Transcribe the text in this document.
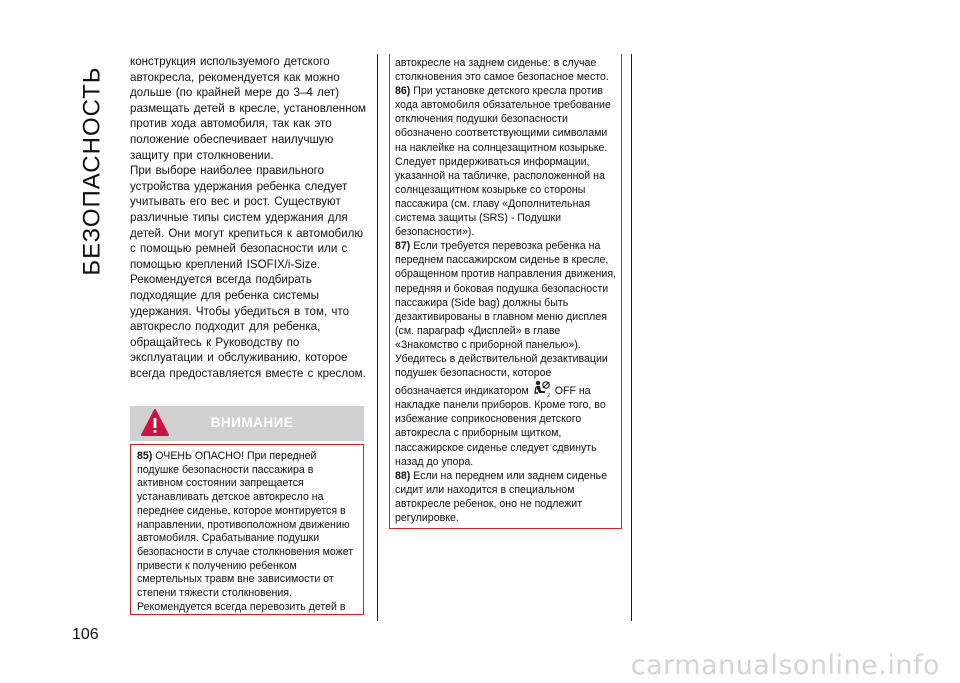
БЕЗОПАСНОСТЬ
106

конструкция используемого детского автокресла, рекомендуется как можно дольше (по крайней мере до 3–4 лет) размещать детей в кресле, установленном против хода автомобиля, так как это положение обеспечивает наилучшую защиту при столкновении.

При выборе наиболее правильного устройства удержания ребенка следует учитывать его вес и рост. Существуют различные типы систем удержания для детей. Они могут крепиться к автомобилю с помощью ремней безопасности или с помощью креплений ISOFIX/i-Size.

Рекомендуется всегда подбирать подходящие для ребенка системы удержания. Чтобы убедиться в том, что автокресло подходит для ребенка, обращайтесь к Руководству по эксплуатации и обслуживанию, которое всегда предоставляется вместе с креслом.

ВНИМАНИЕ

85) ОЧЕНЬ ОПАСНО! При передней подушке безопасности пассажира в активном состоянии запрещается устанавливать детское автокресло на переднее сиденье, которое монтируется в направлении, противоположном движению автомобиля. Срабатывание подушки безопасности в случае столкновения может привести к получению ребенком смертельных травм вне зависимости от степени тяжести столкновения. Рекомендуется всегда перевозить детей в

автокресле на заднем сиденье: в случае столкновения это самое безопасное место.

86) При установке детского кресла против хода автомобиля обязательное требование отключения подушки безопасности обозначено соответствующими символами на наклейке на солнцезащитном козырьке. Следует придерживаться информации, указанной на табличке, расположенной на солнцезащитном козырьке со стороны пассажира (см. главу «Дополнительная система защиты (SRS) - Подушки безопасности»).

87) Если требуется перевозка ребенка на переднем пассажирском сиденье в кресле, обращенном против направления движения, передняя и боковая подушка безопасности пассажира (Side bag) должны быть дезактивированы в главном меню дисплея (см. параграф «Дисплей» в главе «Знакомство с приборной панелью»). Убедитесь в действительной дезактивации подушек безопасности, которое обозначается индикатором	2 OFF на накладке панели приборов. Кроме того, во избежание соприкосновения детского автокресла с приборным щитком, пассажирское сиденье следует сдвинуть назад до упора.

88) Если на переднем или заднем сиденье сидит или находится в специальном автокресле ребенок, оно не подлежит регулировке.

carmanualsonline.info
